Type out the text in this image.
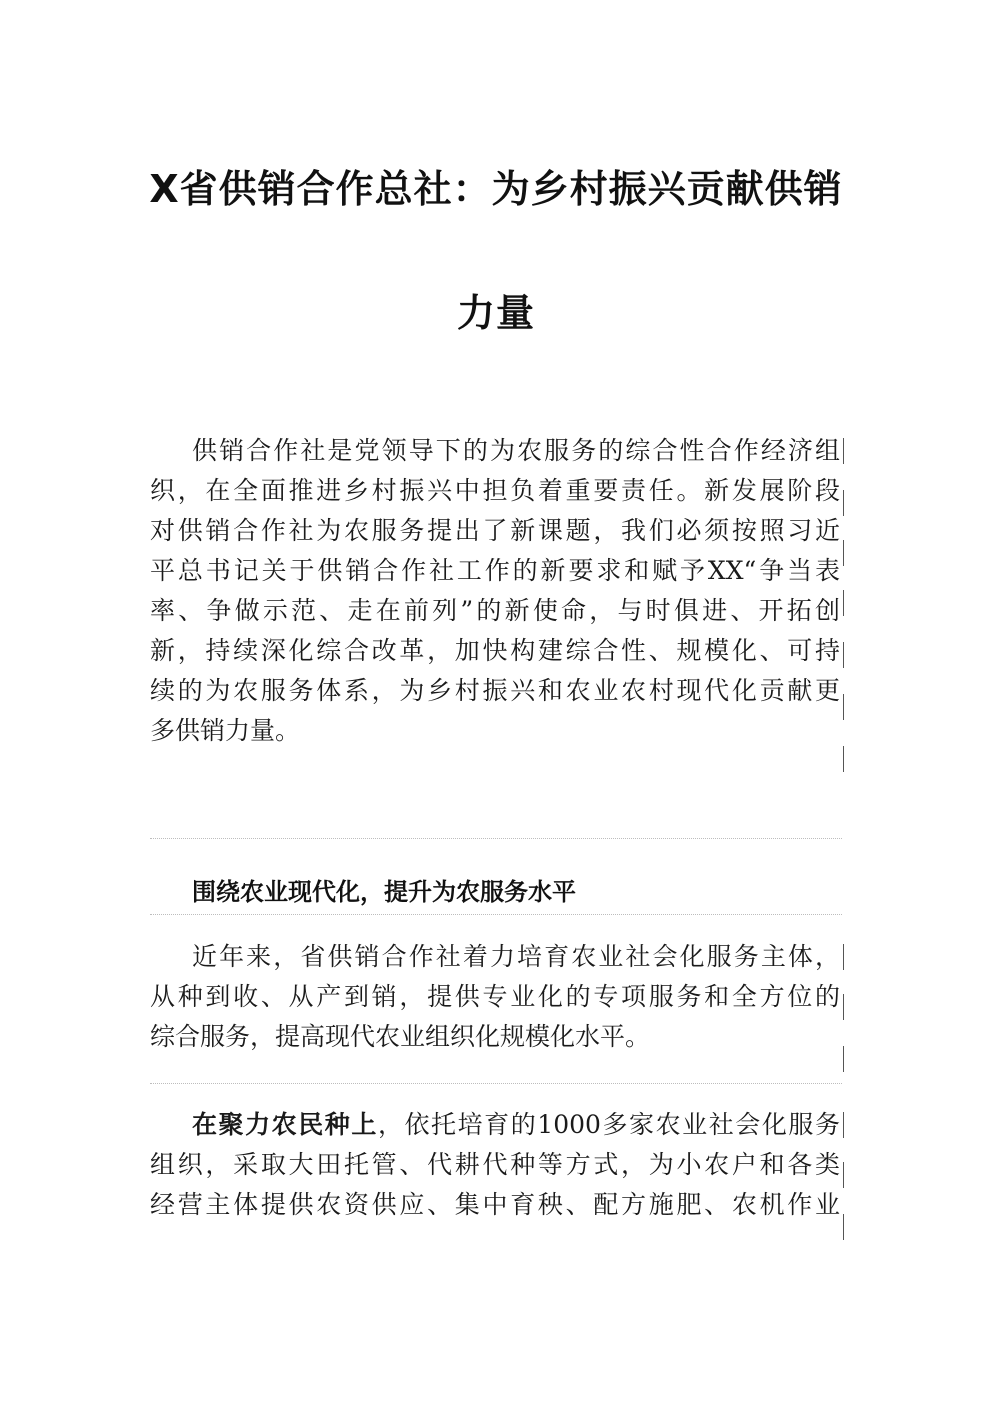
X省供销合作总社：为乡村振兴贡献供销
力量
供销合作社是党领导下的为农服务的综合性合作经济组
织，在全面推进乡村振兴中担负着重要责任。新发展阶段
对供销合作社为农服务提出了新课题，我们必须按照习近
平总书记关于供销合作社工作的新要求和赋予XX“争当表
率、争做示范、走在前列”的新使命，与时俱进、开拓创
新，持续深化综合改革，加快构建综合性、规模化、可持
续的为农服务体系，为乡村振兴和农业农村现代化贡献更
多供销力量。
围绕农业现代化，提升为农服务水平
近年来，省供销合作社着力培育农业社会化服务主体，
从种到收、从产到销，提供专业化的专项服务和全方位的
综合服务，提高现代农业组织化规模化水平。
在聚力农民种上，依托培育的1000多家农业社会化服务
组织，采取大田托管、代耕代种等方式，为小农户和各类
经营主体提供农资供应、集中育秧、配方施肥、农机作业
